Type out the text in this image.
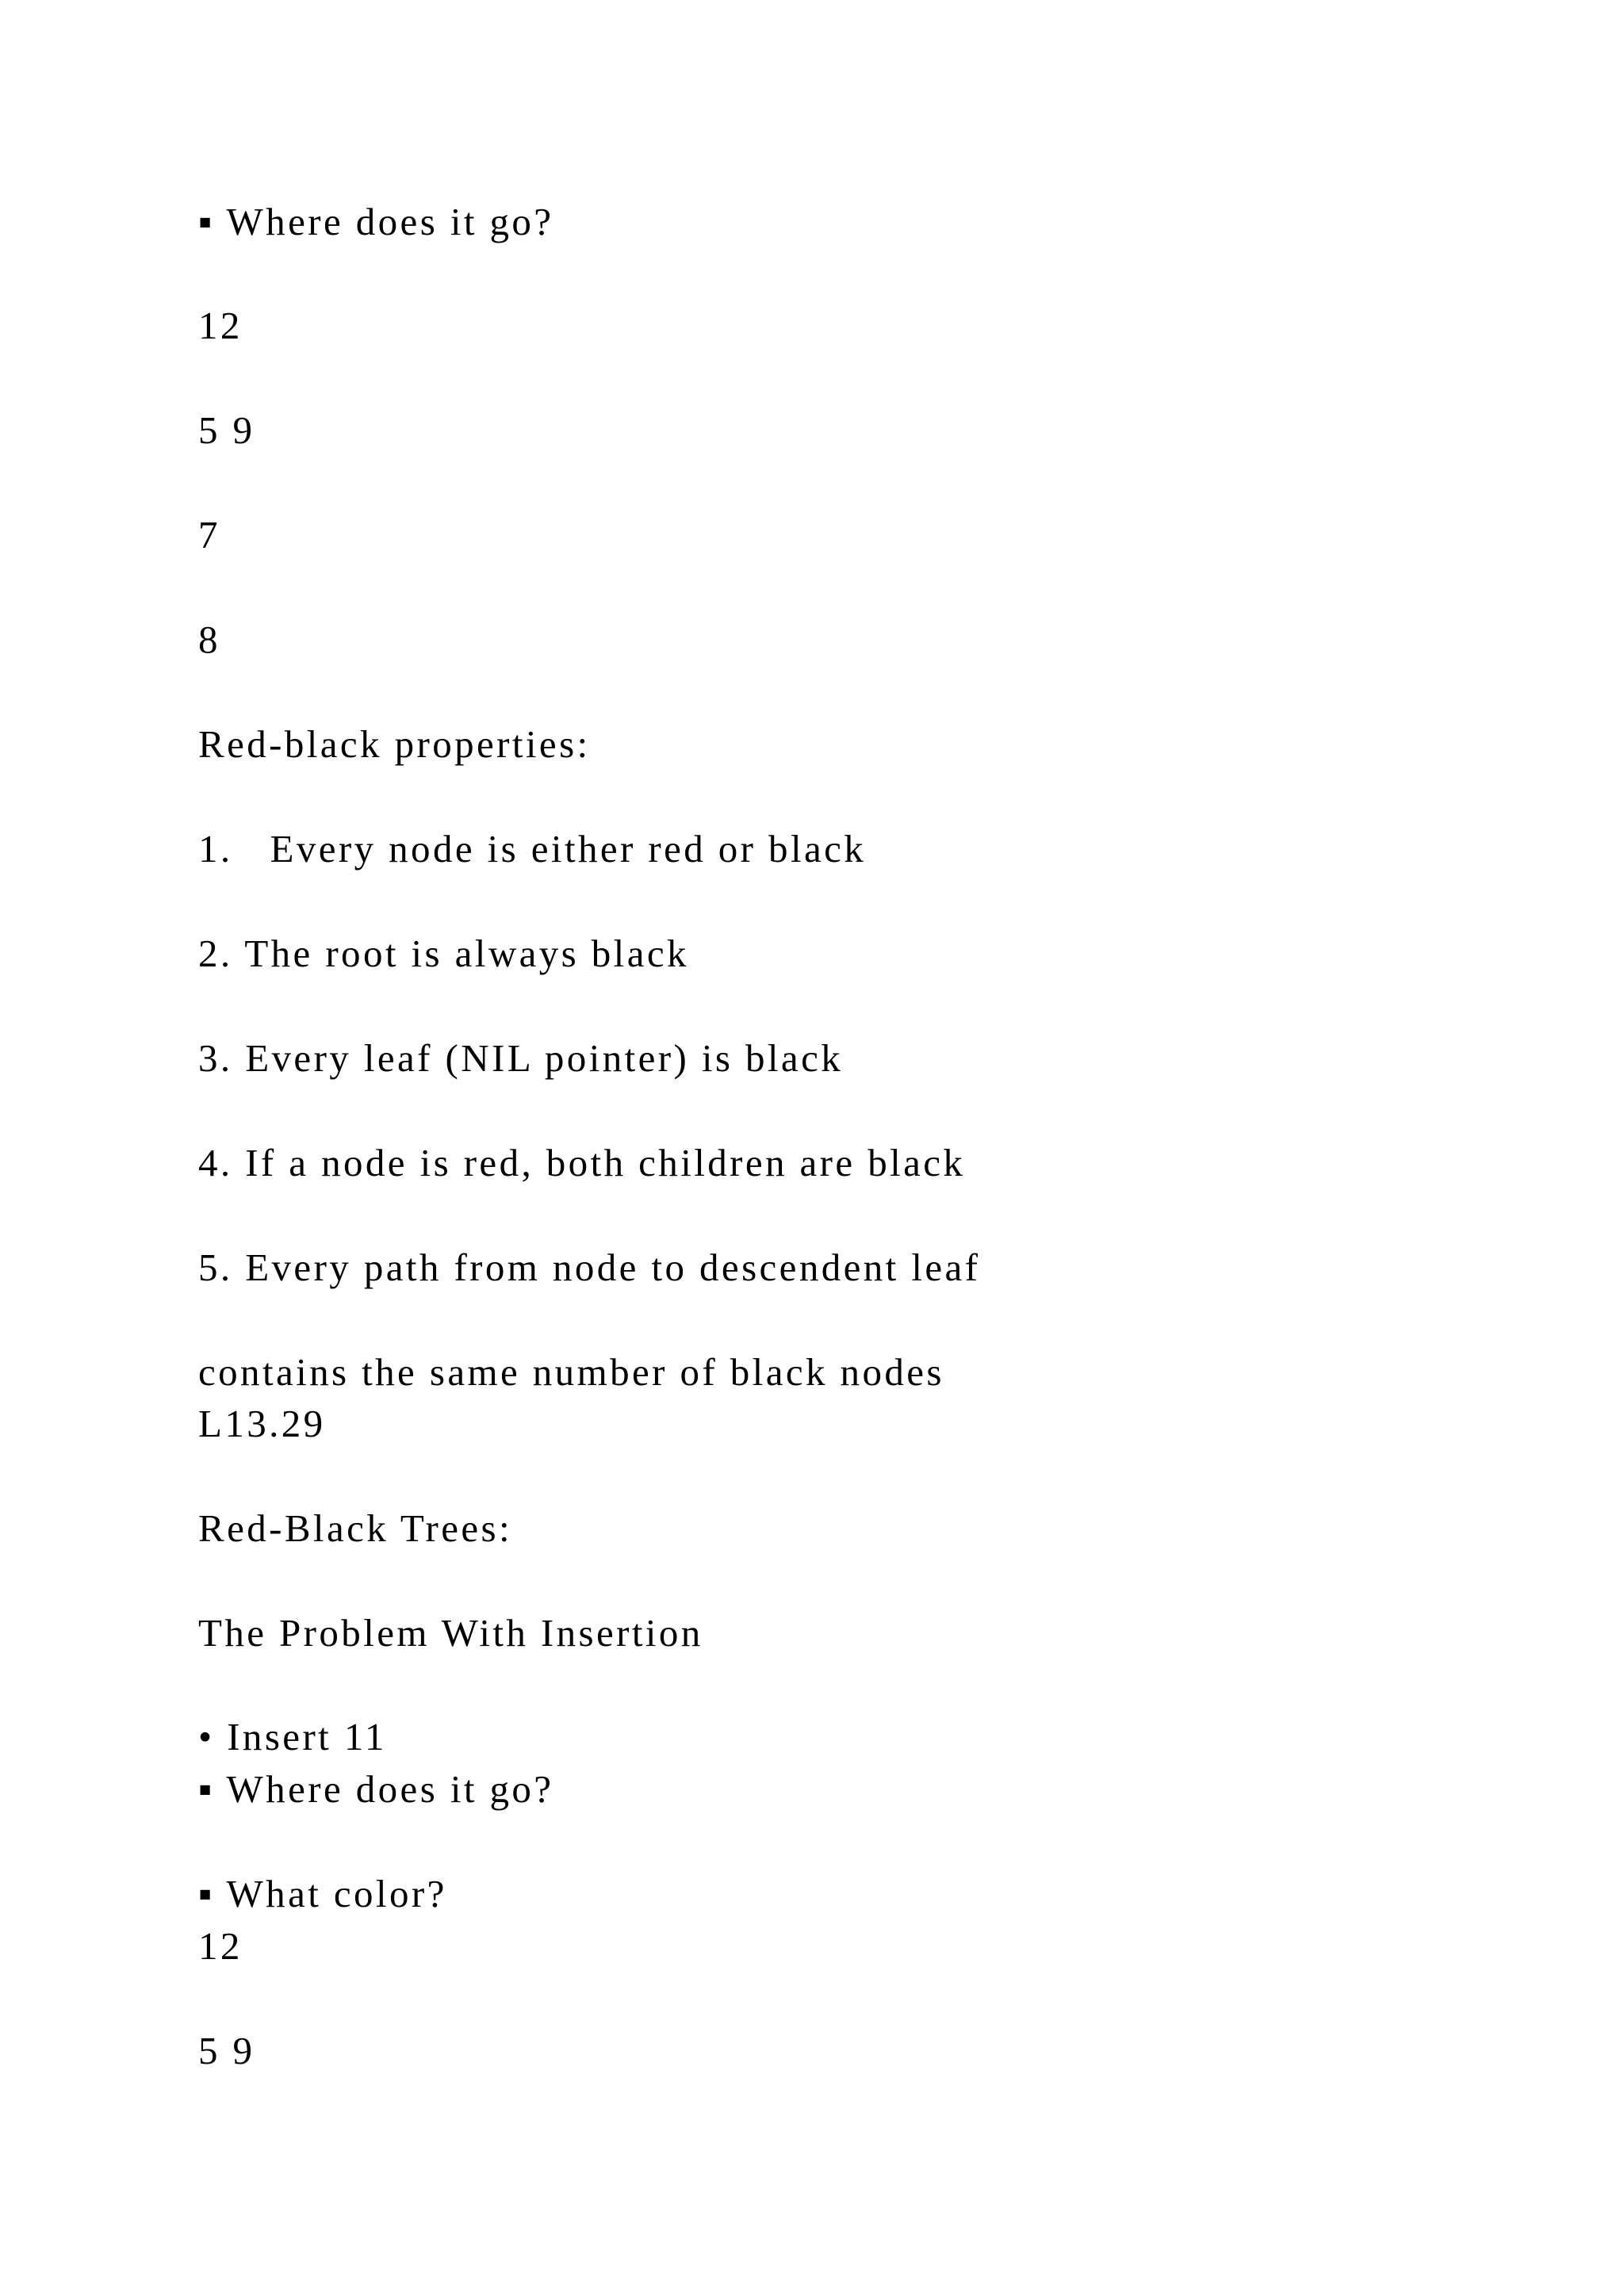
▪ Where does it go?
12
5 9
7
8
Red-black properties:
1.   Every node is either red or black
2. The root is always black
3. Every leaf (NIL pointer) is black
4. If a node is red, both children are black
5. Every path from node to descendent leaf
contains the same number of black nodes
L13.29
Red-Black Trees:
The Problem With Insertion
• Insert 11
▪ Where does it go?
▪ What color?
12
5 9
